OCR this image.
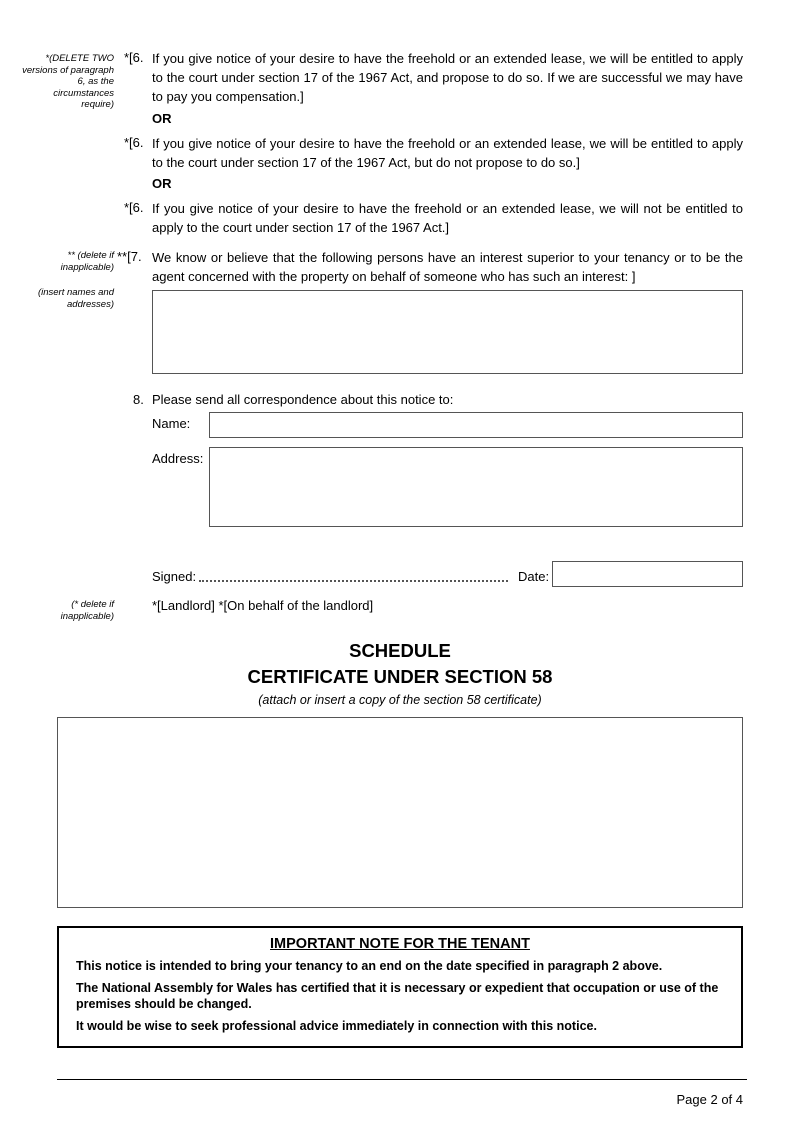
*(DELETE TWO versions of paragraph 6, as the circumstances require)
** (delete if inapplicable)
(insert names and addresses)
(* delete if inapplicable)
*[6. If you give notice of your desire to have the freehold or an extended lease, we will be entitled to apply to the court under section 17 of the 1967 Act, and propose to do so. If we are successful we may have to pay you compensation.]
OR
*[6. If you give notice of your desire to have the freehold or an extended lease, we will be entitled to apply to the court under section 17 of the 1967 Act, but do not propose to do so.]
OR
*[6. If you give notice of your desire to have the freehold or an extended lease, we will not be entitled to apply to the court under section 17 of the 1967 Act.]
**[7. We know or believe that the following persons have an interest superior to your tenancy or to be the agent concerned with the property on behalf of someone who has such an interest: ]
8. Please send all correspondence about this notice to:
Name:
Address:
Signed:	Date:
*[Landlord] *[On behalf of the landlord]
SCHEDULE
CERTIFICATE UNDER SECTION 58
(attach or insert a copy of the section 58 certificate)
IMPORTANT NOTE FOR THE TENANT
This notice is intended to bring your tenancy to an end on the date specified in paragraph 2 above.
The National Assembly for Wales has certified that it is necessary or expedient that occupation or use of the premises should be changed.
It would be wise to seek professional advice immediately in connection with this notice.
Page 2 of 4
